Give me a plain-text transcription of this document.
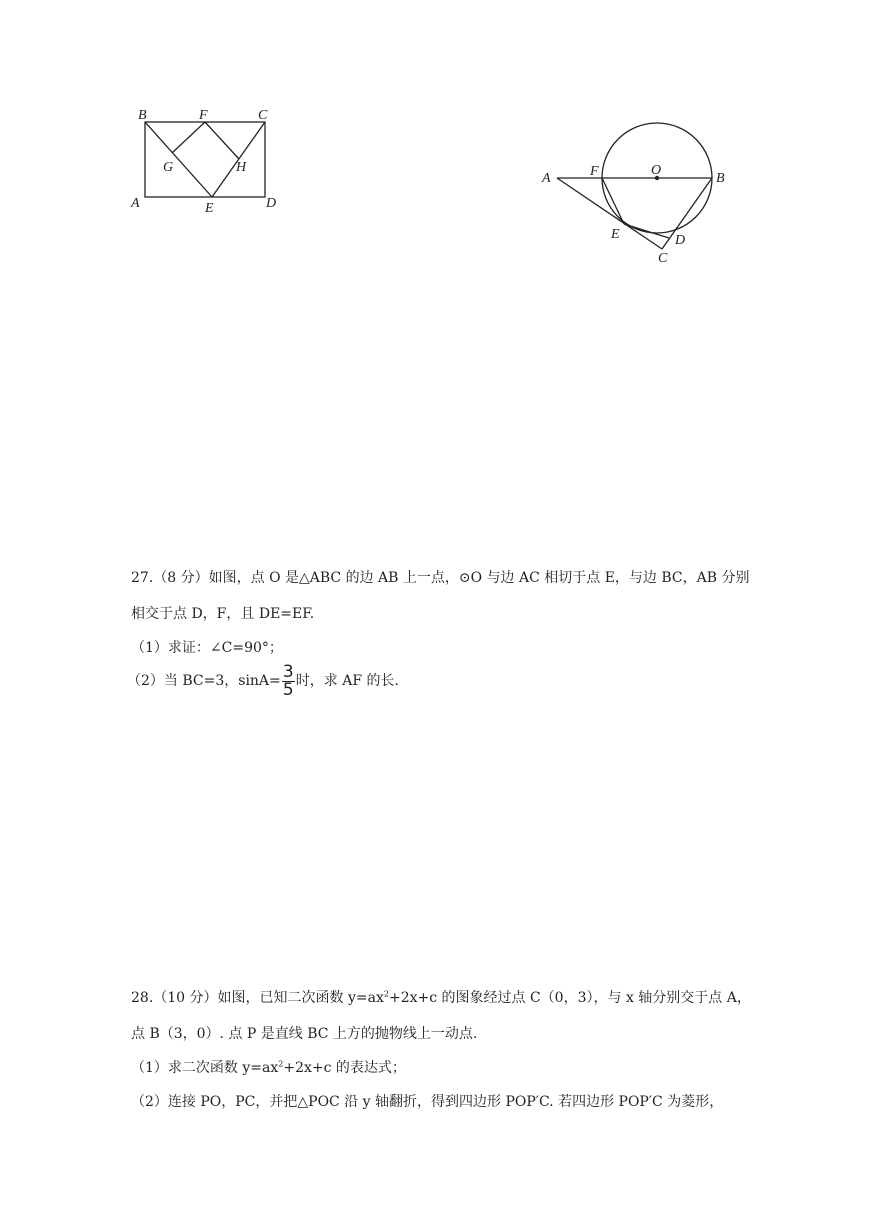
B	F	C
G	H
A	E	D
A	F	O
B
E	D
C
27.（8 分）如图，点 O 是△ABC 的边 AB 上一点，⊙O 与边 AC 相切于点 E，与边 BC，AB 分别
相交于点 D，F，且 DE=EF.
（1）求证：∠C=90°；
（2）当 BC=3，$\sin A= \frac{3}{5}$ 时，求 AF 的长.
28.（10 分）如图，已知二次函数 $y=ax^2+2x+c$ 的图象经过点 C（0，3），与 x 轴分别交于点 A，
点 B（3，0）. 点 P 是直线 BC 上方的抛物线上一动点.
（1）求二次函数 $y=ax^2+2x+c$ 的表达式；
（2）连接 PO，PC，并把△POC 沿 y 轴翻折，得到四边形 POP′C. 若四边形 POP′C 为菱形，
